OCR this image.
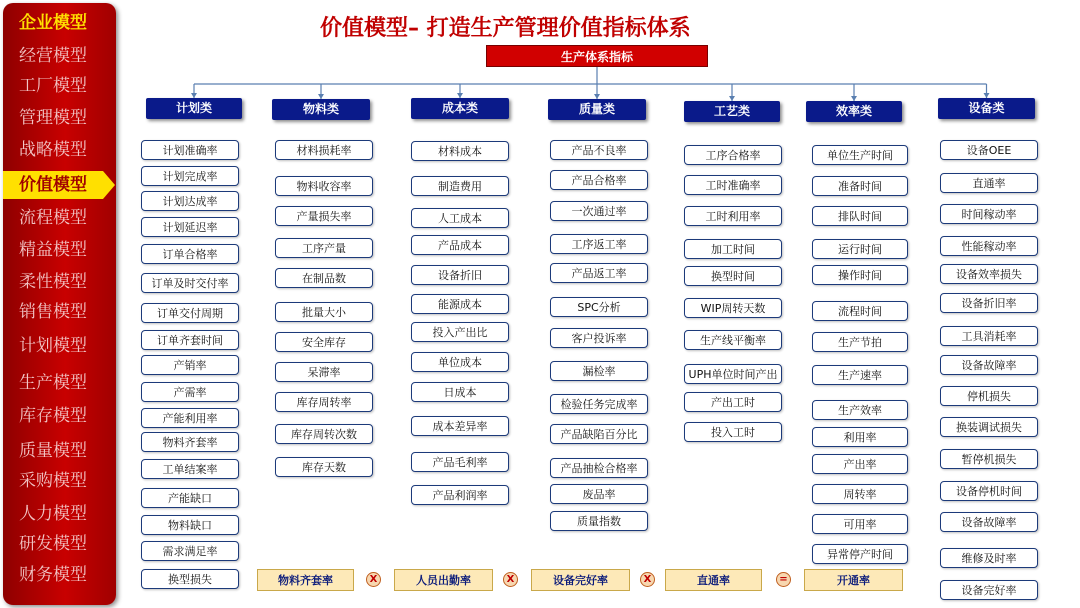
企业模型
经营模型
工厂模型
管理模型
战略模型
价值模型
流程模型
精益模型
柔性模型
销售模型
计划模型
生产模型
库存模型
质量模型
采购模型
人力模型
研发模型
财务模型
价值模型– 打造生产管理价值指标体系
生产体系指标
计划类
计划准确率
计划完成率
计划达成率
计划延迟率
订单合格率
订单及时交付率
订单交付周期
订单齐套时间
产销率
产需率
产能利用率
物料齐套率
工单结案率
产能缺口
物料缺口
需求满足率
换型损失
物料类
材料损耗率
物料收容率
产量损失率
工序产量
在制品数
批量大小
安全库存
呆滞率
库存周转率
库存周转次数
库存天数
成本类
材料成本
制造费用
人工成本
产品成本
设备折旧
能源成本
投入产出比
单位成本
日成本
成本差异率
产品毛利率
产品利润率
质量类
产品不良率
产品合格率
一次通过率
工序返工率
产品返工率
SPC分析
客户投诉率
漏检率
检验任务完成率
产品缺陷百分比
产品抽检合格率
废品率
质量指数
工艺类
工序合格率
工时准确率
工时利用率
加工时间
换型时间
WIP周转天数
生产线平衡率
UPH单位时间产出
产出工时
投入工时
效率类
单位生产时间
准备时间
排队时间
运行时间
操作时间
流程时间
生产节拍
生产速率
生产效率
利用率
产出率
周转率
可用率
异常停产时间
设备类
设备OEE
直通率
时间稼动率
性能稼动率
设备效率损失
设备折旧率
工具消耗率
设备故障率
停机损失
换装调试损失
暂停机损失
设备停机时间
设备故障率
维修及时率
设备完好率
物料齐套率	人员出勤率	设备完好率	直通率	开通率
X	X	X	=
